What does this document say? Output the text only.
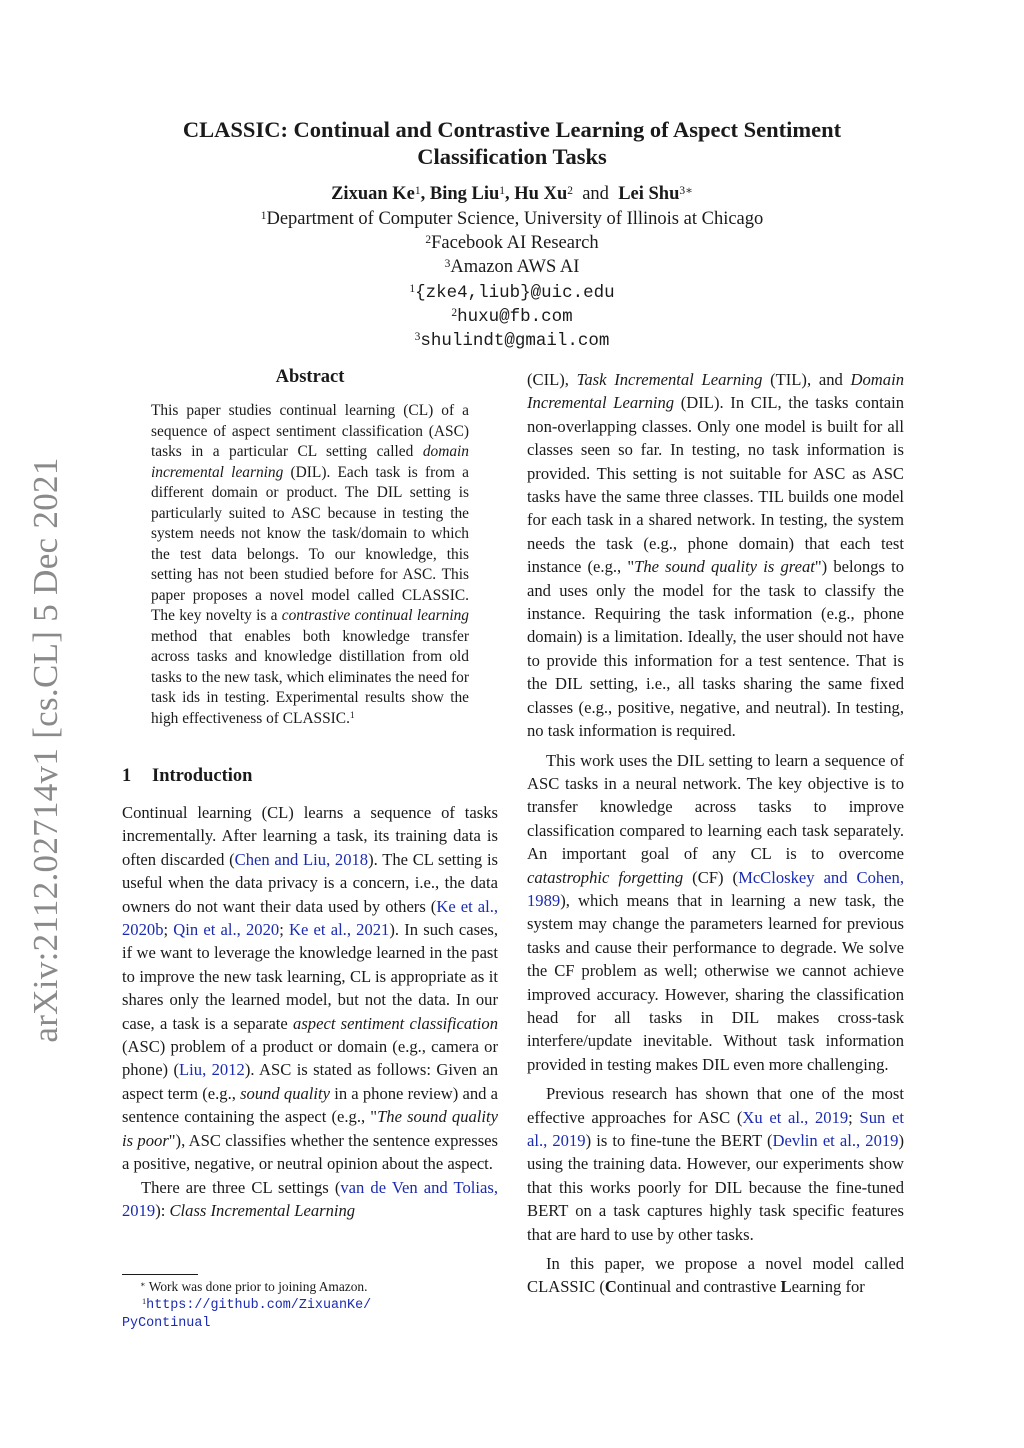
arXiv:2112.02714v1 [cs.CL] 5 Dec 2021
CLASSIC: Continual and Contrastive Learning of Aspect Sentiment Classification Tasks
Zixuan Ke$^1$, Bing Liu$^1$, Hu Xu$^2$ and Lei Shu$^{3∗}$
$^1$Department of Computer Science, University of Illinois at Chicago
$^2$Facebook AI Research
$^3$Amazon AWS AI
$^1${zke4,liub}@uic.edu
$^2$huxu@fb.com
$^3$shulindt@gmail.com
Abstract
This paper studies continual learning (CL) of a sequence of aspect sentiment classification (ASC) tasks in a particular CL setting called domain incremental learning (DIL). Each task is from a different domain or product. The DIL setting is particularly suited to ASC because in testing the system needs not know the task/domain to which the test data belongs. To our knowledge, this setting has not been studied before for ASC. This paper proposes a novel model called CLASSIC. The key novelty is a contrastive continual learning method that enables both knowledge transfer across tasks and knowledge distillation from old tasks to the new task, which eliminates the need for task ids in testing. Experimental results show the high effectiveness of CLASSIC.$^1$
1 Introduction

Continual learning (CL) learns a sequence of tasks incrementally. After learning a task, its training data is often discarded (Chen and Liu, 2018). The CL setting is useful when the data privacy is a concern, i.e., the data owners do not want their data used by others (Ke et al., 2020b; Qin et al., 2020; Ke et al., 2021). In such cases, if we want to leverage the knowledge learned in the past to improve the new task learning, CL is appropriate as it shares only the learned model, but not the data. In our case, a task is a separate aspect sentiment classification (ASC) problem of a product or domain (e.g., camera or phone) (Liu, 2012). ASC is stated as follows: Given an aspect term (e.g., sound quality in a phone review) and a sentence containing the aspect (e.g., "The sound quality is poor"), ASC classifies whether the sentence expresses a positive, negative, or neutral opinion about the aspect.

There are three CL settings (van de Ven and Tolias, 2019): Class Incremental Learning

∗ Work was done prior to joining Amazon.
$^1$https://github.com/ZixuanKe/
PyContinual

(CIL), Task Incremental Learning (TIL), and Domain Incremental Learning (DIL). In CIL, the tasks contain non-overlapping classes. Only one model is built for all classes seen so far. In testing, no task information is provided. This setting is not suitable for ASC as ASC tasks have the same three classes. TIL builds one model for each task in a shared network. In testing, the system needs the task (e.g., phone domain) that each test instance (e.g., "The sound quality is great") belongs to and uses only the model for the task to classify the instance. Requiring the task information (e.g., phone domain) is a limitation. Ideally, the user should not have to provide this information for a test sentence. That is the DIL setting, i.e., all tasks sharing the same fixed classes (e.g., positive, negative, and neutral). In testing, no task information is required.

This work uses the DIL setting to learn a sequence of ASC tasks in a neural network. The key objective is to transfer knowledge across tasks to improve classification compared to learning each task separately. An important goal of any CL is to overcome catastrophic forgetting (CF) (McCloskey and Cohen, 1989), which means that in learning a new task, the system may change the parameters learned for previous tasks and cause their performance to degrade. We solve the CF problem as well; otherwise we cannot achieve improved accuracy. However, sharing the classification head for all tasks in DIL makes cross-task interfere/update inevitable. Without task information provided in testing makes DIL even more challenging.

Previous research has shown that one of the most effective approaches for ASC (Xu et al., 2019; Sun et al., 2019) is to fine-tune the BERT (Devlin et al., 2019) using the training data. However, our experiments show that this works poorly for DIL because the fine-tuned BERT on a task captures highly task specific features that are hard to use by other tasks.

In this paper, we propose a novel model called CLASSIC (Continual and contrastive Learning for
